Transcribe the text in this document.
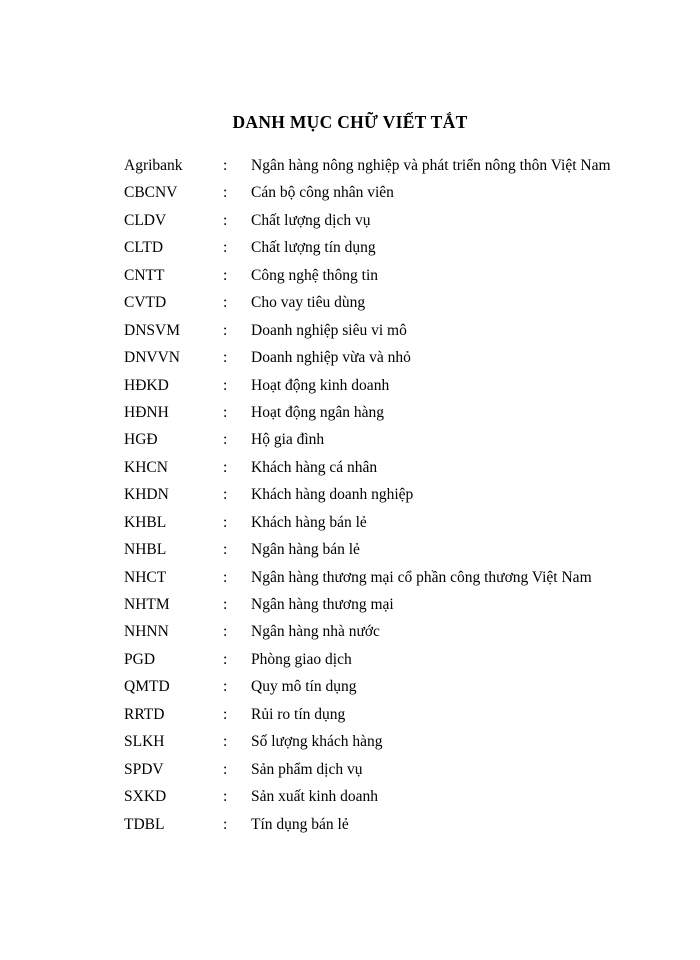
DANH MỤC CHỮ VIẾT TẮT
Agribank	: Ngân hàng nông nghiệp và phát triển nông thôn Việt Nam
CBCNV	: Cán bộ công nhân viên
CLDV	: Chất lượng dịch vụ
CLTD	: Chất lượng tín dụng
CNTT	: Công nghệ thông tin
CVTD	: Cho vay tiêu dùng
DNSVM	: Doanh nghiệp siêu vi mô
DNVVN	: Doanh nghiệp vừa và nhỏ
HĐKD	: Hoạt động kinh doanh
HĐNH	: Hoạt động ngân hàng
HGĐ	: Hộ gia đình
KHCN	: Khách hàng cá nhân
KHDN	: Khách hàng doanh nghiệp
KHBL	: Khách hàng bán lẻ
NHBL	: Ngân hàng bán lẻ
NHCT	: Ngân hàng thương mại cổ phần công thương Việt Nam
NHTM	: Ngân hàng thương mại
NHNN	: Ngân hàng nhà nước
PGD	: Phòng giao dịch
QMTD	: Quy mô tín dụng
RRTD	: Rủi ro tín dụng
SLKH	: Số lượng khách hàng
SPDV	: Sản phẩm dịch vụ
SXKD	: Sản xuất kinh doanh
TDBL	: Tín dụng bán lẻ
